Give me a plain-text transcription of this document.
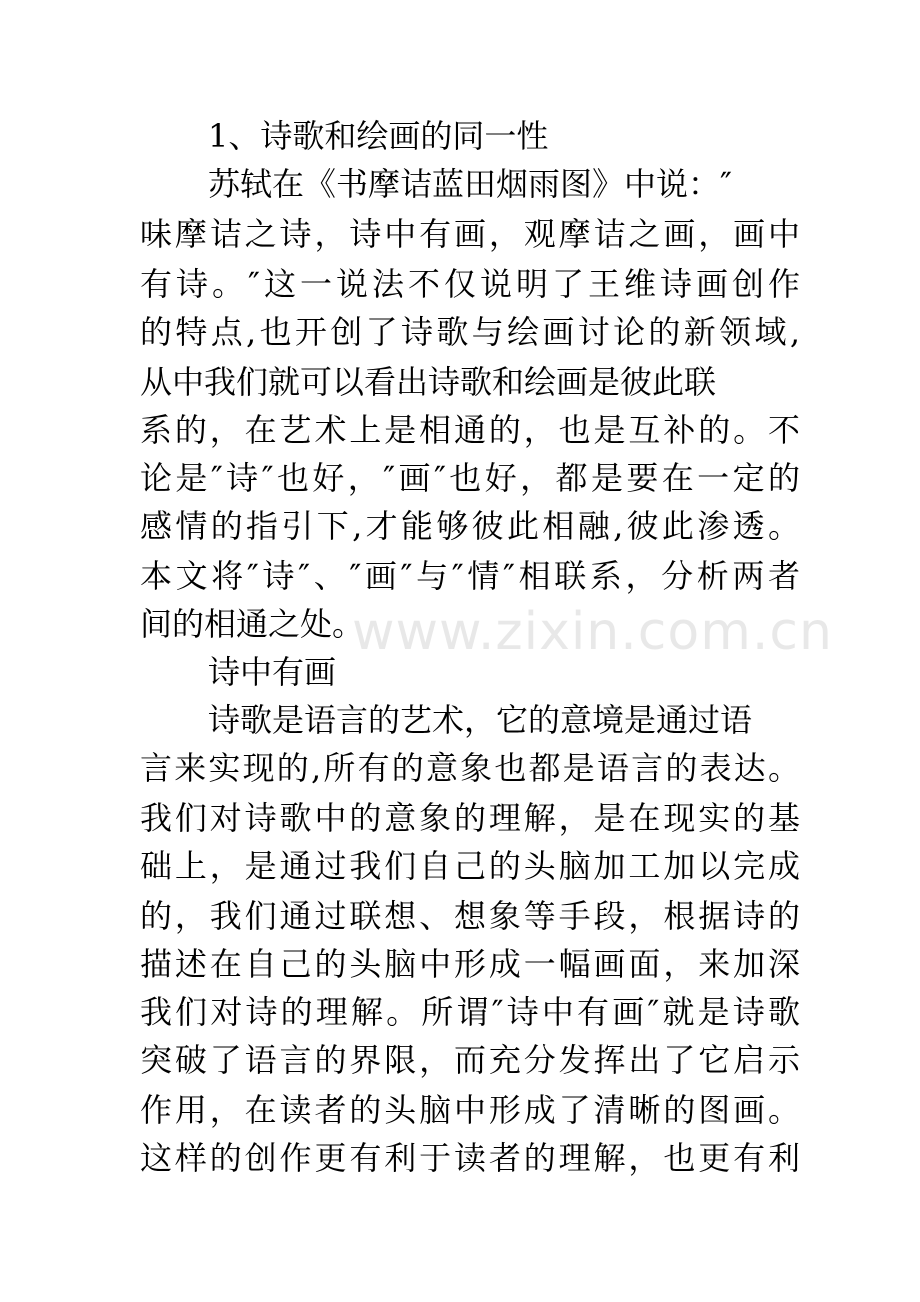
1、诗歌和绘画的同一性

苏轼在《书摩诘蓝田烟雨图》中说：″

味摩诘之诗，诗中有画，观摩诘之画，画中

有诗。″这一说法不仅说明了王维诗画创作

的特点,也开创了诗歌与绘画讨论的新领域,

从中我们就可以看出诗歌和绘画是彼此联

系的，在艺术上是相通的，也是互补的。不

论是″诗″也好，″画″也好，都是要在一定的

感情的指引下,才能够彼此相融,彼此渗透。

本文将″诗″、″画″与″情″相联系，分析两者

间的相通之处。

诗中有画

诗歌是语言的艺术，它的意境是通过语

言来实现的,所有的意象也都是语言的表达。

我们对诗歌中的意象的理解，是在现实的基

础上，是通过我们自己的头脑加工加以完成

的，我们通过联想、想象等手段，根据诗的

描述在自己的头脑中形成一幅画面，来加深

我们对诗的理解。所谓″诗中有画″就是诗歌

突破了语言的界限，而充分发挥出了它启示

作用，在读者的头脑中形成了清晰的图画。

这样的创作更有利于读者的理解，也更有利

www.zixin.com.cn
